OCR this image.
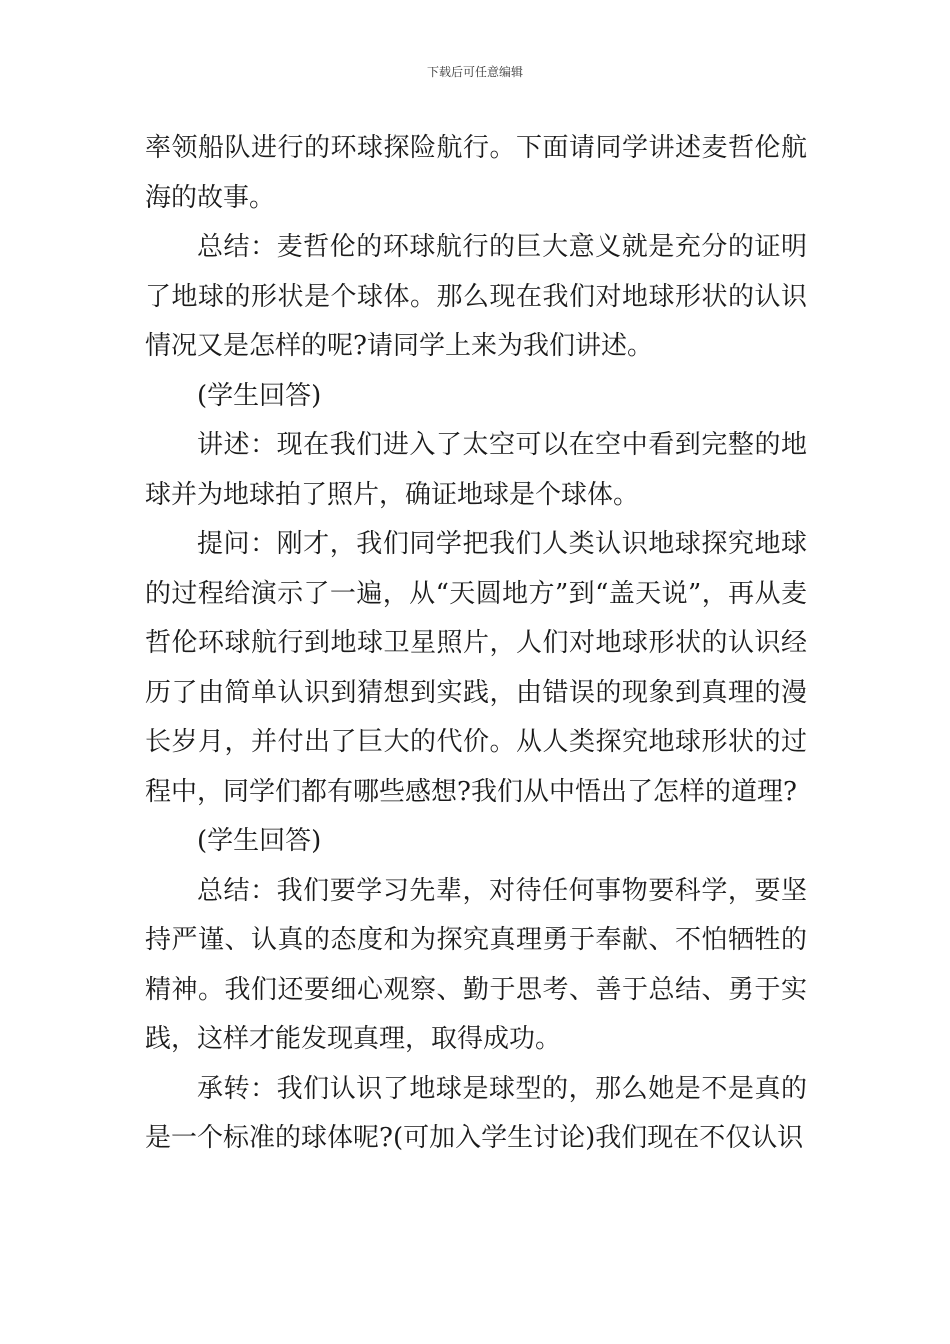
下载后可任意编辑

率领船队进行的环球探险航行。下面请同学讲述麦哲伦航海的故事。

总结：麦哲伦的环球航行的巨大意义就是充分的证明了地球的形状是个球体。那么现在我们对地球形状的认识情况又是怎样的呢?请同学上来为我们讲述。

(学生回答)

讲述：现在我们进入了太空可以在空中看到完整的地球并为地球拍了照片，确证地球是个球体。

提问：刚才，我们同学把我们人类认识地球探究地球的过程给演示了一遍，从“天圆地方”到“盖天说”，再从麦哲伦环球航行到地球卫星照片，人们对地球形状的认识经历了由简单认识到猜想到实践，由错误的现象到真理的漫长岁月，并付出了巨大的代价。从人类探究地球形状的过程中，同学们都有哪些感想?我们从中悟出了怎样的道理?

(学生回答)

总结：我们要学习先辈，对待任何事物要科学，要坚持严谨、认真的态度和为探究真理勇于奉献、不怕牺牲的精神。我们还要细心观察、勤于思考、善于总结、勇于实践，这样才能发现真理，取得成功。

承转：我们认识了地球是球型的，那么她是不是真的是一个标准的球体呢?(可加入学生讨论)我们现在不仅认识
